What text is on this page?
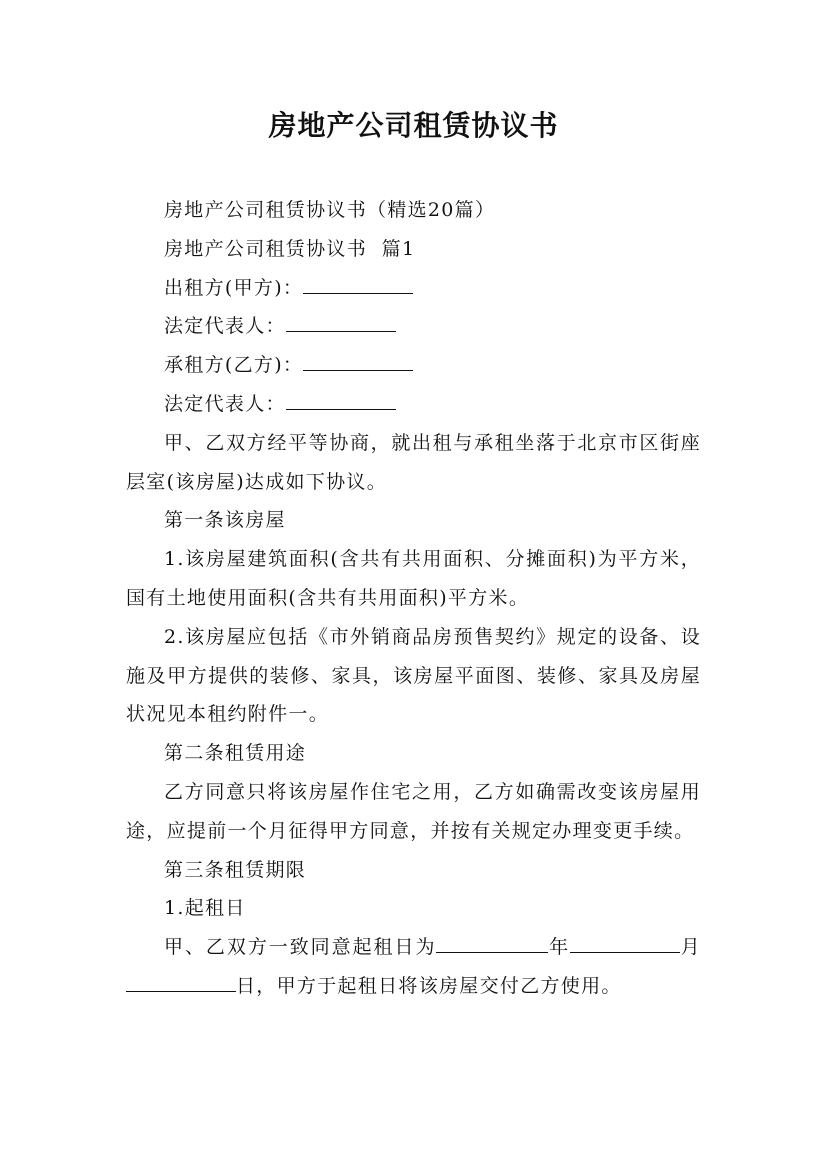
房地产公司租赁协议书

房地产公司租赁协议书（精选20篇）

房地产公司租赁协议书  篇1

出租方(甲方)：

法定代表人：

承租方(乙方)：

法定代表人：

甲、乙双方经平等协商，就出租与承租坐落于北京市区街座层室(该房屋)达成如下协议。

第一条该房屋

1.该房屋建筑面积(含共有共用面积、分摊面积)为平方米，国有土地使用面积(含共有共用面积)平方米。

2.该房屋应包括《市外销商品房预售契约》规定的设备、设施及甲方提供的装修、家具，该房屋平面图、装修、家具及房屋状况见本租约附件一。

第二条租赁用途

乙方同意只将该房屋作住宅之用，乙方如确需改变该房屋用途，应提前一个月征得甲方同意，并按有关规定办理变更手续。

第三条租赁期限

1.起租日

甲、乙双方一致同意起租日为	年	月日，甲方于起租日将该房屋交付乙方使用。
